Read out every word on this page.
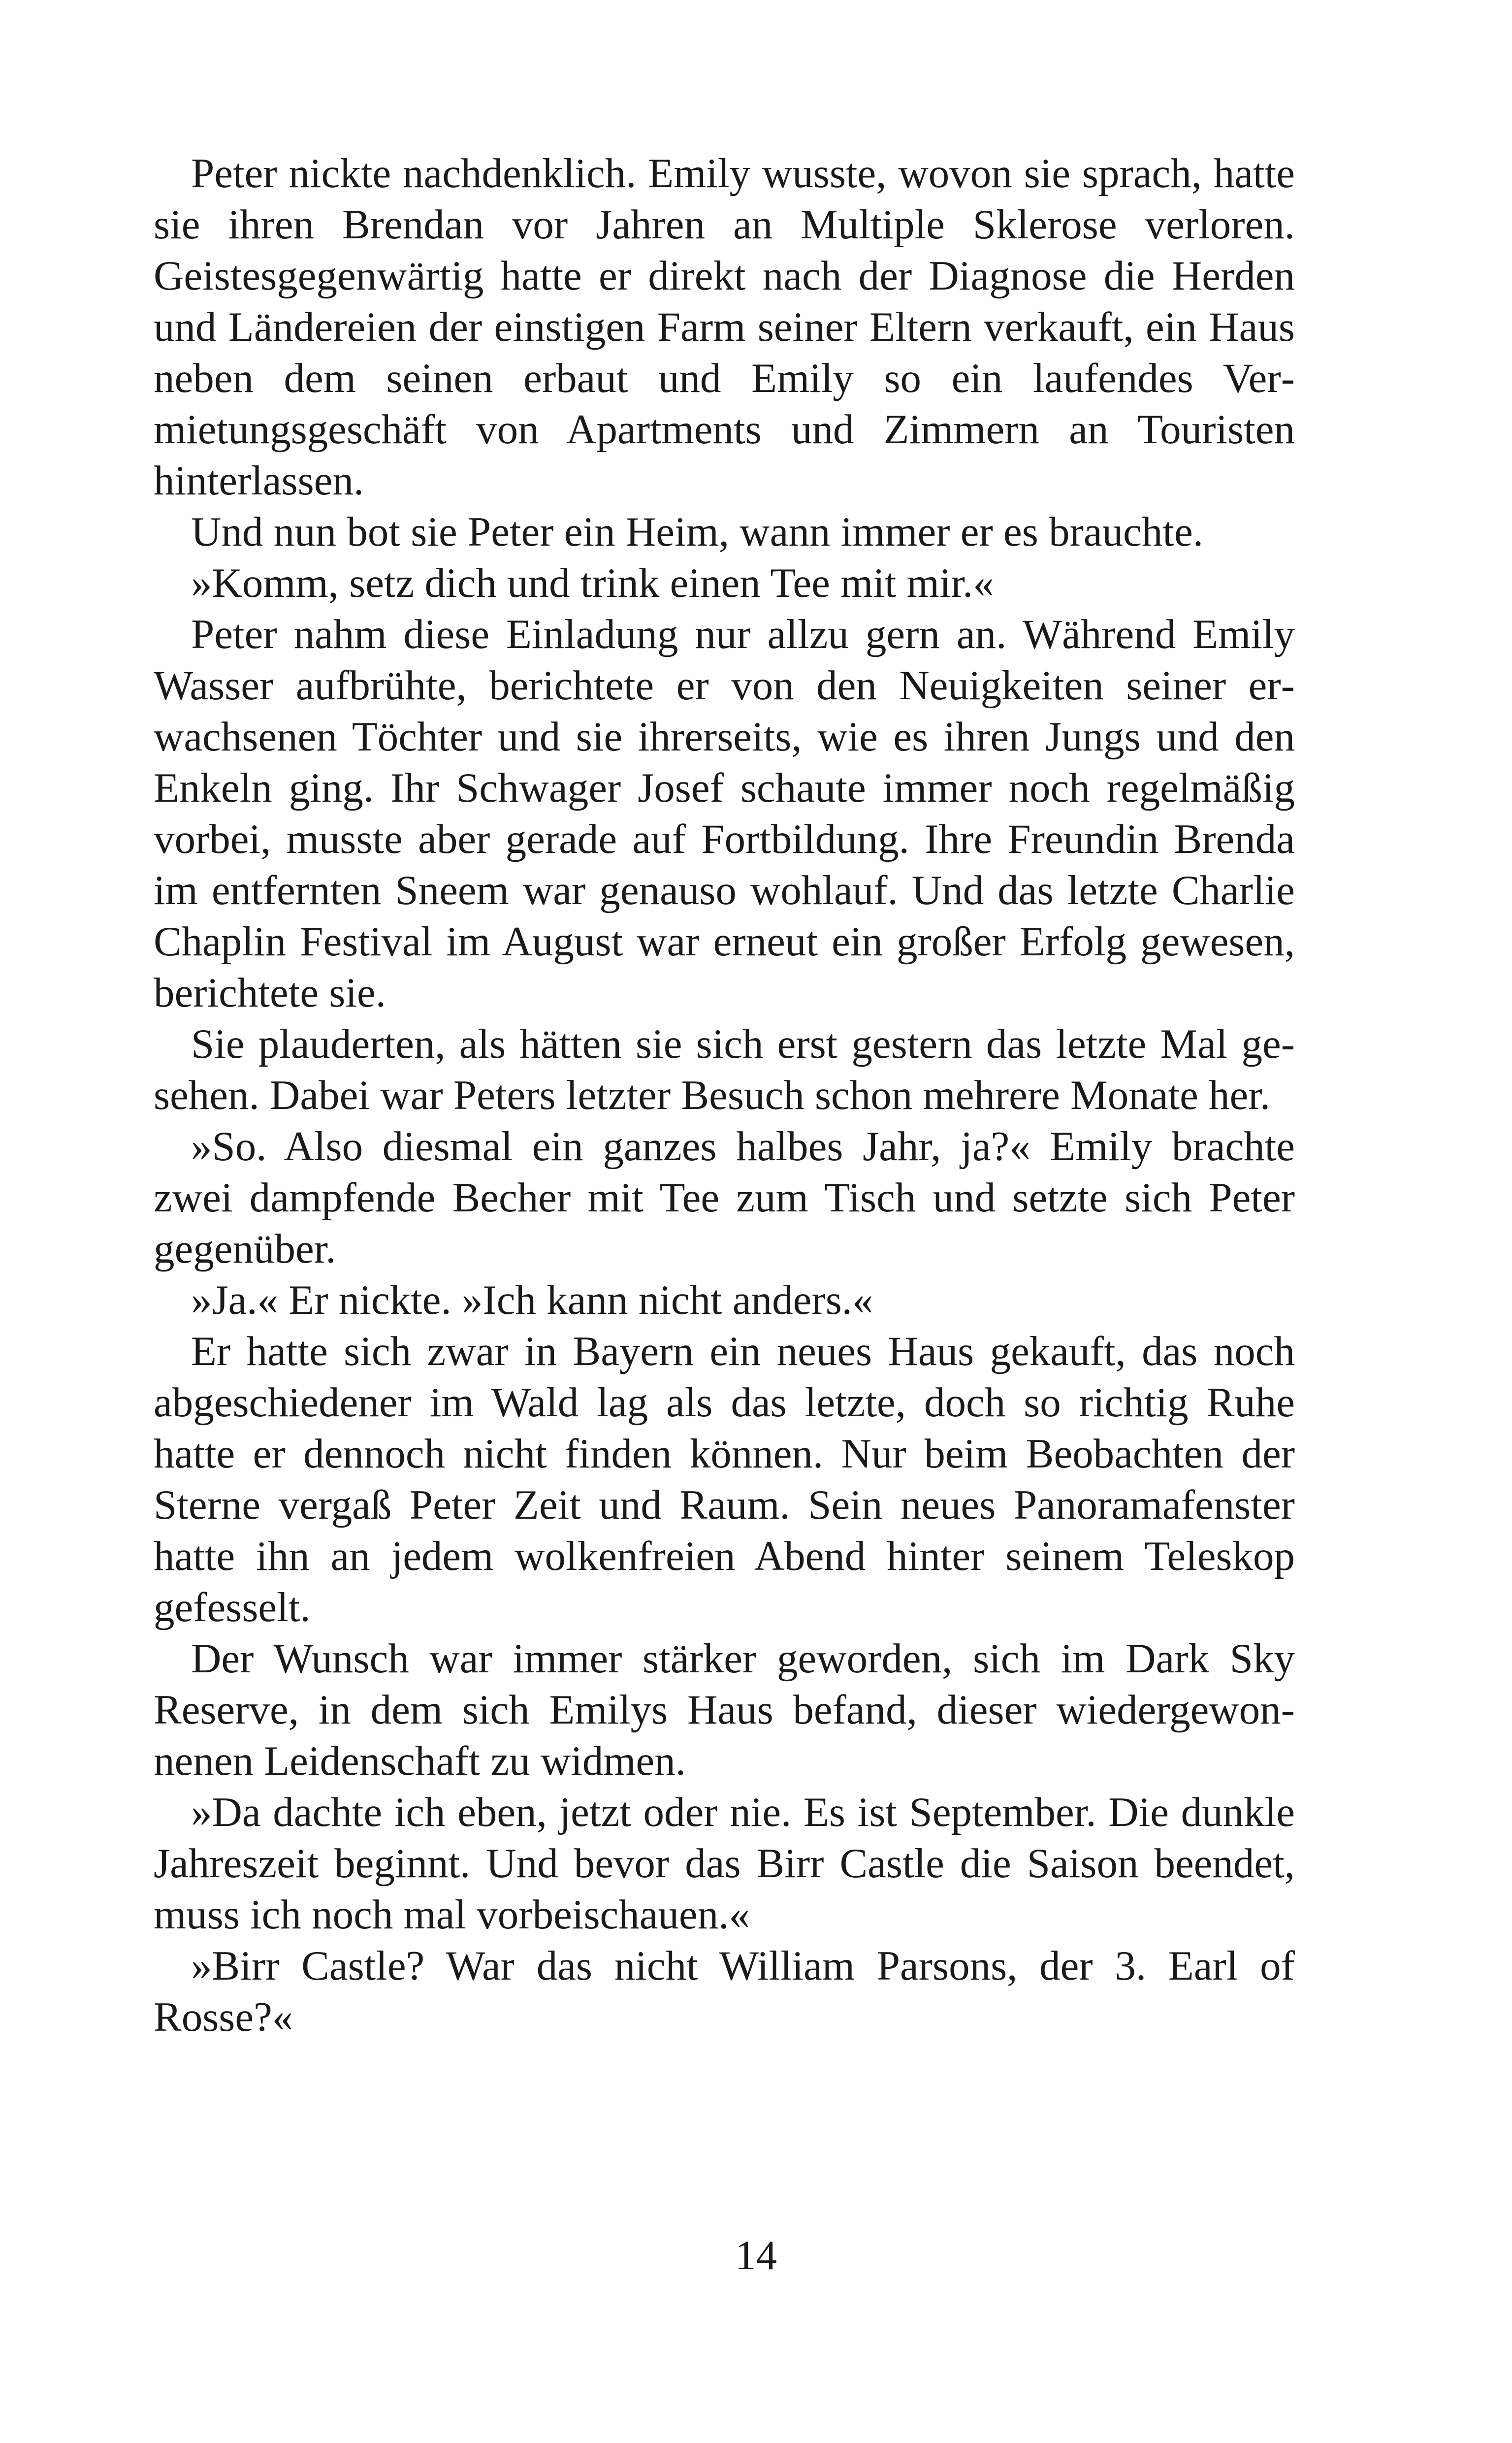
Peter nickte nachdenklich. Emily wusste, wovon sie sprach, hatte sie ihren Brendan vor Jahren an Multiple Sklerose verloren. Geistesgegenwärtig hatte er direkt nach der Diagnose die Herden und Ländereien der einstigen Farm seiner Eltern verkauft, ein Haus neben dem seinen erbaut und Emily so ein laufendes Vermietungsgeschäft von Apartments und Zimmern an Touristen hinterlassen.

Und nun bot sie Peter ein Heim, wann immer er es brauchte.

»Komm, setz dich und trink einen Tee mit mir.«

Peter nahm diese Einladung nur allzu gern an. Während Emily Wasser aufbrühte, berichtete er von den Neuigkeiten seiner erwachsenen Töchter und sie ihrerseits, wie es ihren Jungs und den Enkeln ging. Ihr Schwager Josef schaute immer noch regelmäßig vorbei, musste aber gerade auf Fortbildung. Ihre Freundin Brenda im entfernten Sneem war genauso wohlauf. Und das letzte Charlie Chaplin Festival im August war erneut ein großer Erfolg gewesen, berichtete sie.

Sie plauderten, als hätten sie sich erst gestern das letzte Mal gesehen. Dabei war Peters letzter Besuch schon mehrere Monate her.

»So. Also diesmal ein ganzes halbes Jahr, ja?« Emily brachte zwei dampfende Becher mit Tee zum Tisch und setzte sich Peter gegenüber.

»Ja.« Er nickte. »Ich kann nicht anders.«

Er hatte sich zwar in Bayern ein neues Haus gekauft, das noch abgeschiedener im Wald lag als das letzte, doch so richtig Ruhe hatte er dennoch nicht finden können. Nur beim Beobachten der Sterne vergaß Peter Zeit und Raum. Sein neues Panoramafenster hatte ihn an jedem wolkenfreien Abend hinter seinem Teleskop gefesselt.

Der Wunsch war immer stärker geworden, sich im Dark Sky Reserve, in dem sich Emilys Haus befand, dieser wiedergewonnenen Leidenschaft zu widmen.

»Da dachte ich eben, jetzt oder nie. Es ist September. Die dunkle Jahreszeit beginnt. Und bevor das Birr Castle die Saison beendet, muss ich noch mal vorbeischauen.«

»Birr Castle? War das nicht William Parsons, der 3. Earl of Rosse?«

14
